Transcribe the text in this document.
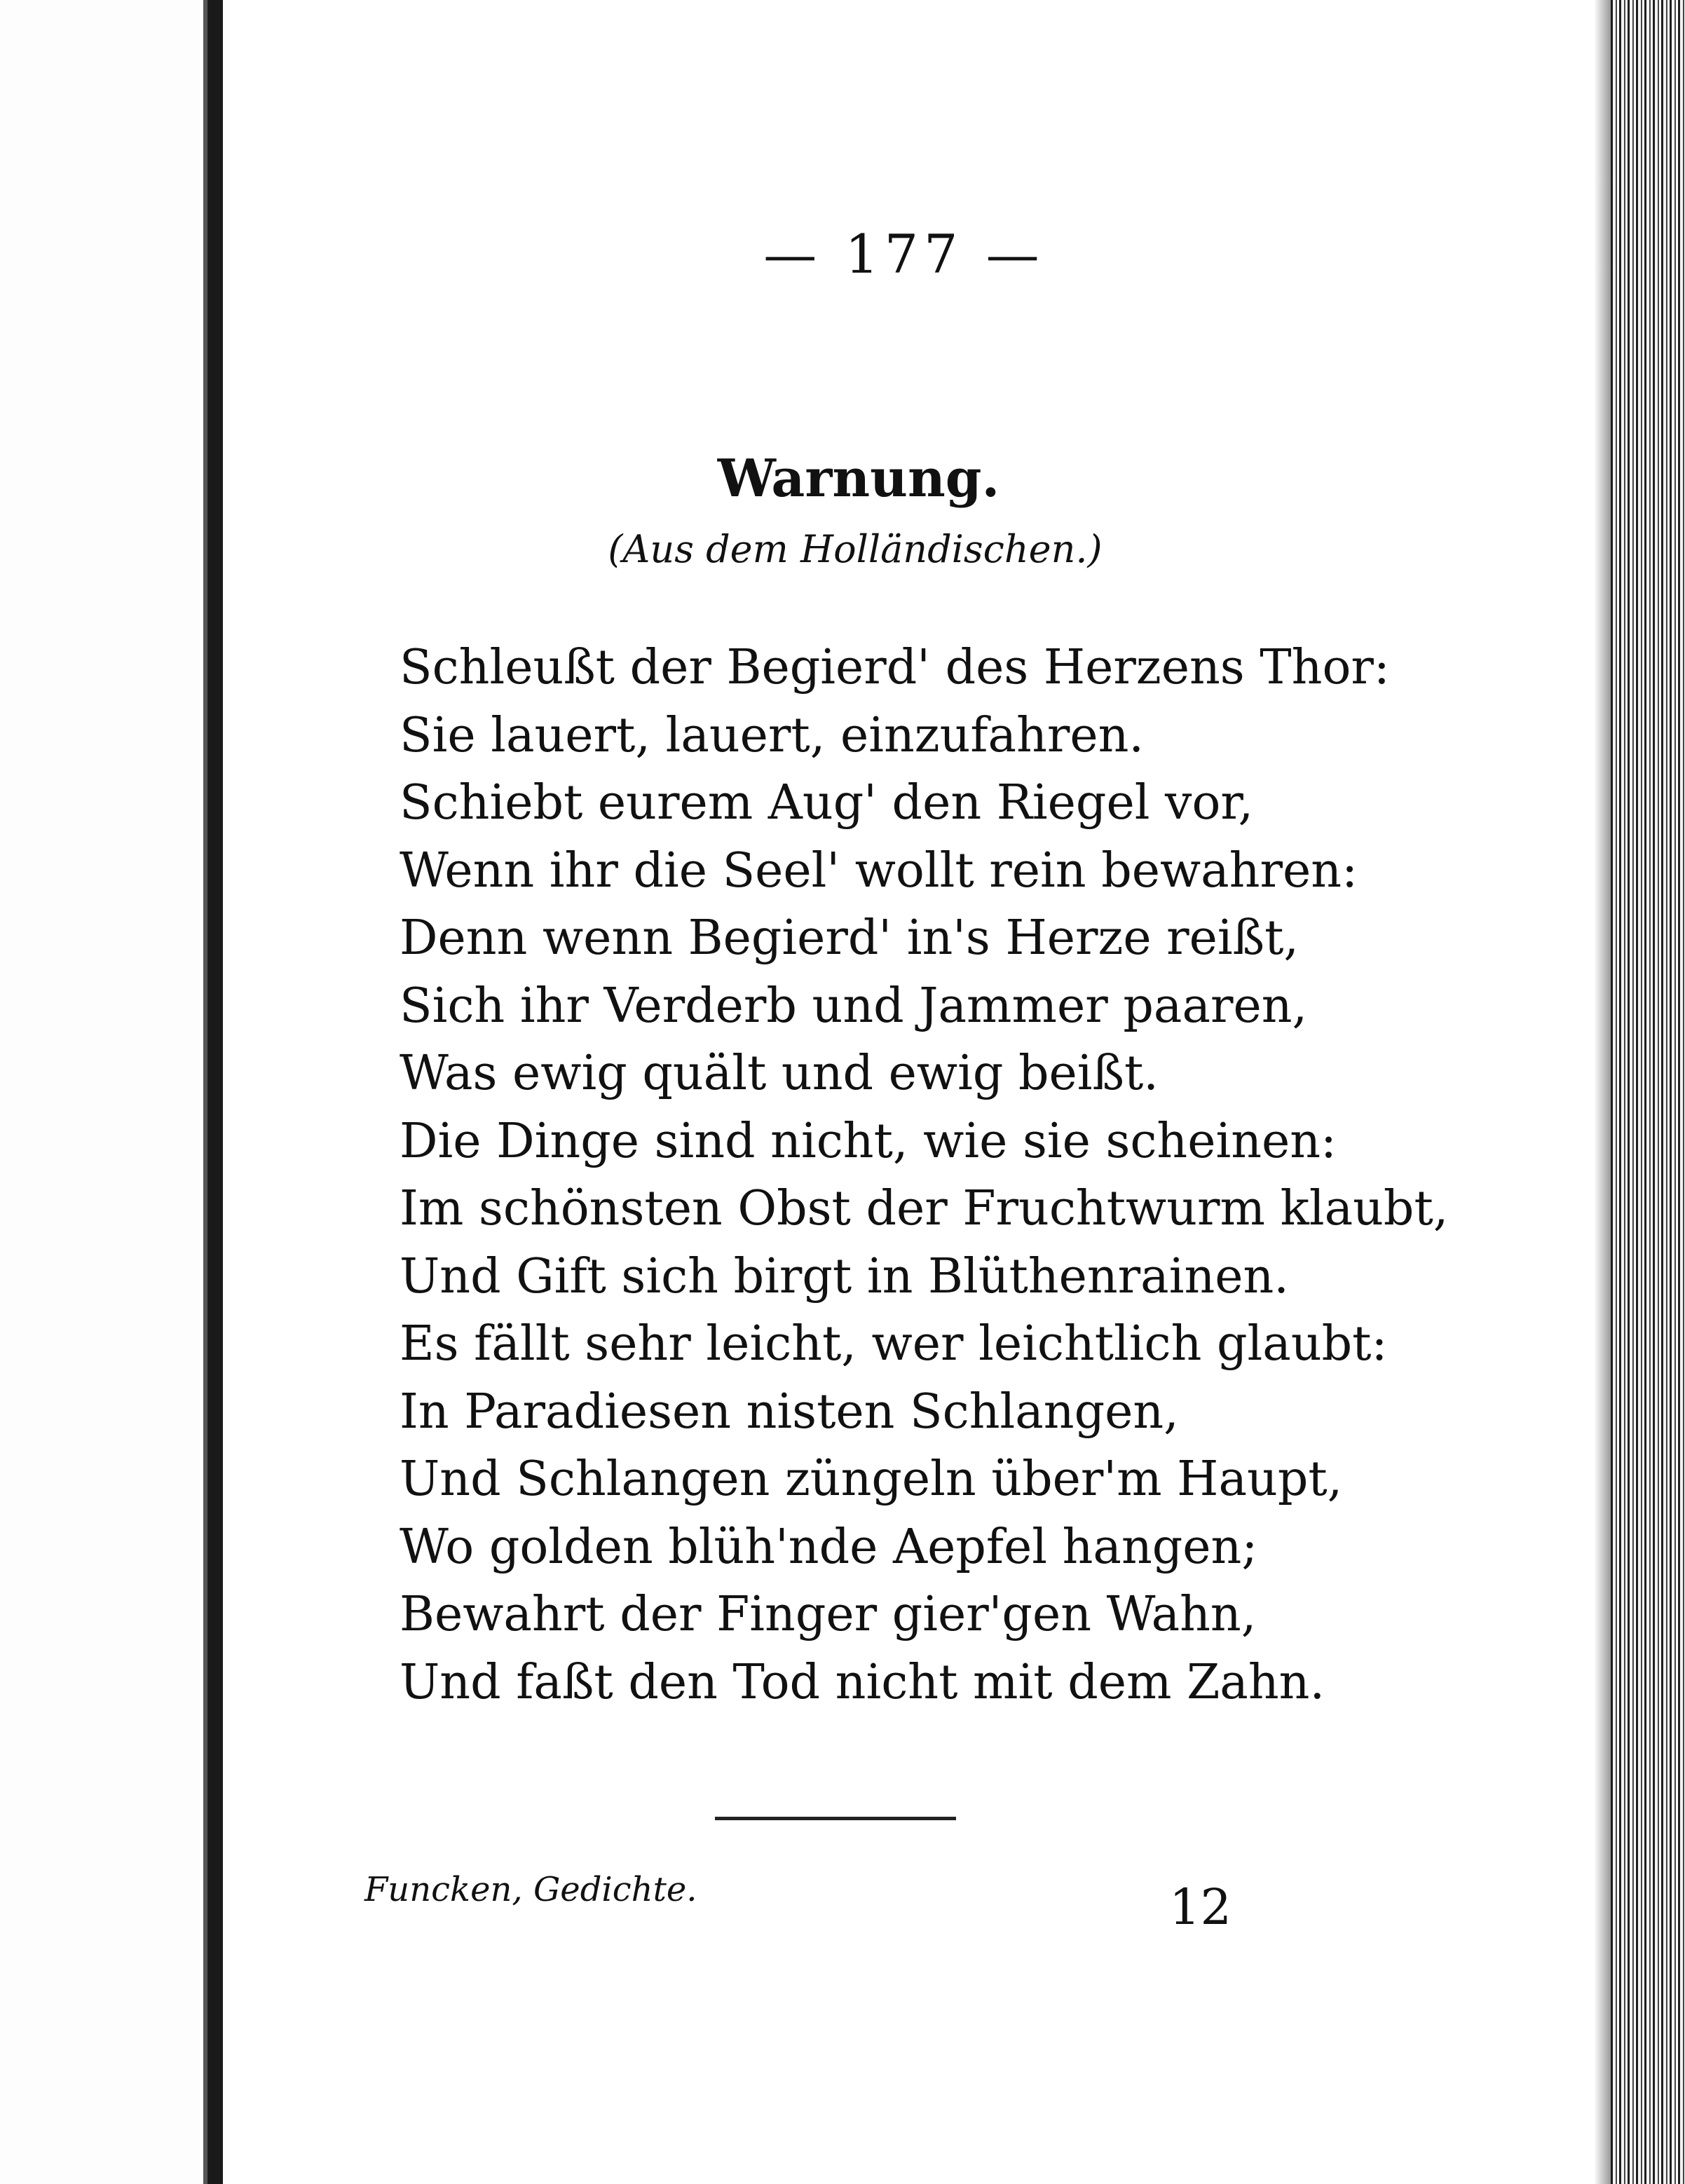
— 177 —
Warnung.
(Aus dem Holländischen.)
Schleußt der Begierd' des Herzens Thor:
Sie lauert, lauert, einzufahren.
Schiebt eurem Aug' den Riegel vor,
Wenn ihr die Seel' wollt rein bewahren:
Denn wenn Begierd' in's Herze reißt,
Sich ihr Verderb und Jammer paaren,
Was ewig quält und ewig beißt.
Die Dinge sind nicht, wie sie scheinen:
Im schönsten Obst der Fruchtwurm klaubt,
Und Gift sich birgt in Blüthenrainen.
Es fällt sehr leicht, wer leichtlich glaubt:
In Paradiesen nisten Schlangen,
Und Schlangen züngeln über'm Haupt,
Wo golden blüh'nde Aepfel hangen;
Bewahrt der Finger gier'gen Wahn,
Und faßt den Tod nicht mit dem Zahn.
Funcken, Gedichte.	12
